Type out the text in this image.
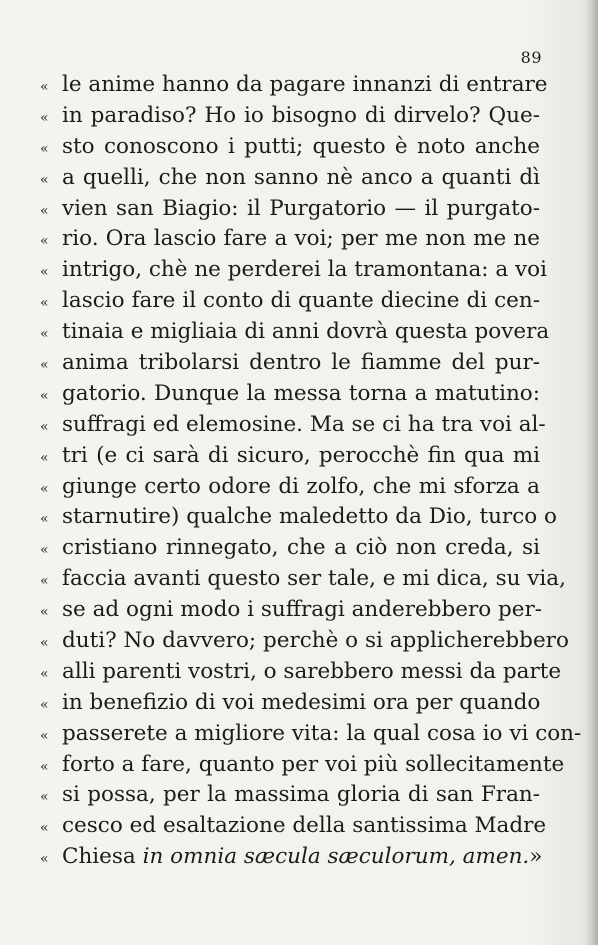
89
« le anime hanno da pagare innanzi di entrare
« in paradiso? Ho io bisogno di dirvelo? Que-
« sto conoscono i putti; questo è noto anche
« a quelli, che non sanno nè anco a quanti dì
« vien san Biagio: il Purgatorio — il purgato-
« rio. Ora lascio fare a voi; per me non me ne
« intrigo, chè ne perderei la tramontana: a voi
« lascio fare il conto di quante diecine di cen-
« tinaia e migliaia di anni dovrà questa povera
« anima tribolarsi dentro le fiamme del pur-
« gatorio. Dunque la messa torna a matutino:
« suffragi ed elemosine. Ma se ci ha tra voi al-
« tri (e ci sarà di sicuro, perocchè fin qua mi
« giunge certo odore di zolfo, che mi sforza a
« starnutire) qualche maledetto da Dio, turco o
« cristiano rinnegato, che a ciò non creda, si
« faccia avanti questo ser tale, e mi dica, su via,
« se ad ogni modo i suffragi anderebbero per-
« duti? No davvero; perchè o si applicherebbero
« alli parenti vostri, o sarebbero messi da parte
« in benefizio di voi medesimi ora per quando
« passerete a migliore vita: la qual cosa io vi con-
« forto a fare, quanto per voi più sollecitamente
« si possa, per la massima gloria di san Fran-
« cesco ed esaltazione della santissima Madre
« Chiesa in omnia sæcula sæculorum, amen.»
